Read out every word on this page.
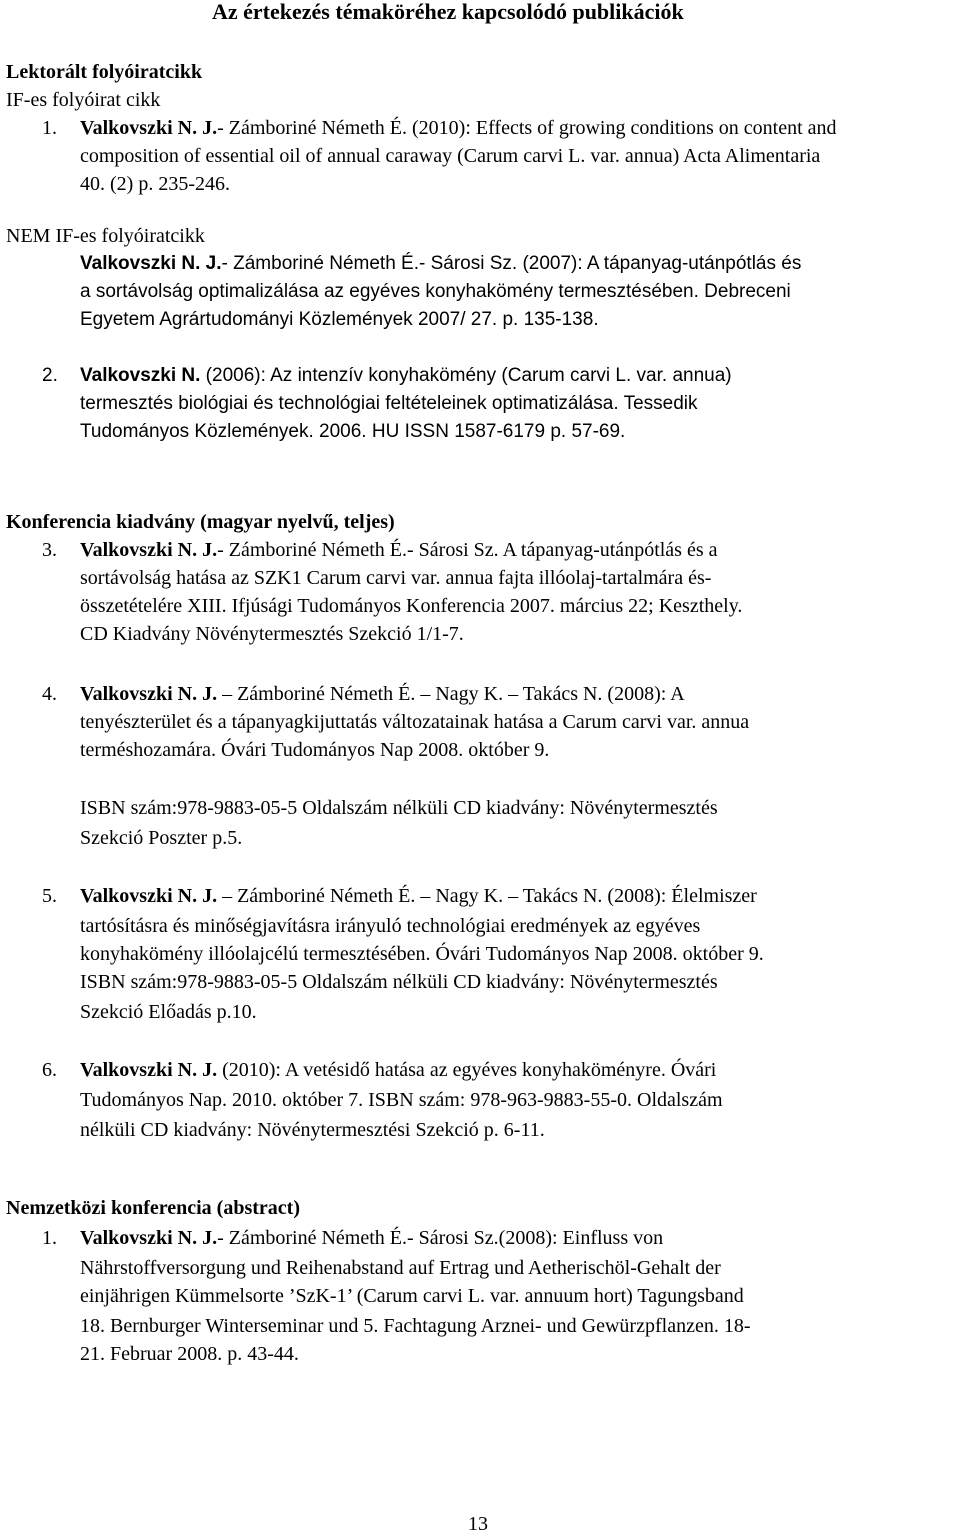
Az értekezés témaköréhez kapcsolódó publikációk
Lektorált folyóiratcikk
IF-es folyóirat cikk
1. Valkovszki N. J.- Zámboriné Németh É. (2010): Effects of growing conditions on content and
composition of essential oil of annual caraway (Carum carvi L. var. annua) Acta Alimentaria
40. (2) p. 235-246.
NEM IF-es folyóiratcikk
Valkovszki N. J.- Zámboriné Németh É.- Sárosi Sz. (2007): A tápanyag-utánpótlás és
a sortávolság optimalizálása az egyéves konyhakömény termesztésében. Debreceni
Egyetem Agrártudományi Közlemények 2007/ 27. p. 135-138.
2. Valkovszki N. (2006): Az intenzív konyhakömény (Carum carvi L. var. annua)
termesztés biológiai és technológiai feltételeinek optimatizálása. Tessedik
Tudományos Közlemények. 2006. HU ISSN 1587-6179 p. 57-69.
Konferencia kiadvány (magyar nyelvű, teljes)
3. Valkovszki N. J.- Zámboriné Németh É.- Sárosi Sz. A tápanyag-utánpótlás és a
sortávolság hatása az SZK1 Carum carvi var. annua fajta illóolaj-tartalmára és-
összetételére XIII. Ifjúsági Tudományos Konferencia 2007. március 22; Keszthely.
CD Kiadvány Növénytermesztés Szekció 1/1-7.
4. Valkovszki N. J. – Zámboriné Németh É. – Nagy K. – Takács N. (2008): A
tenyészterület és a tápanyagkijuttatás változatainak hatása a Carum carvi var. annua
terméshozamára. Óvári Tudományos Nap 2008. október 9.
ISBN szám:978-9883-05-5 Oldalszám nélküli CD kiadvány: Növénytermesztés
Szekció Poszter p.5.
5. Valkovszki N. J. – Zámboriné Németh É. – Nagy K. – Takács N. (2008): Élelmiszer
tartósításra és minőségjavításra irányuló technológiai eredmények az egyéves
konyhakömény illóolajcélú termesztésében. Óvári Tudományos Nap 2008. október 9.
ISBN szám:978-9883-05-5 Oldalszám nélküli CD kiadvány: Növénytermesztés
Szekció Előadás p.10.
6. Valkovszki N. J. (2010): A vetésidő hatása az egyéves konyhakömény​re. Óvári
Tudományos Nap. 2010. október 7. ISBN szám: 978-963-9883-55-0. Oldalszám
nélküli CD kiadvány: Növénytermesztési Szekció p. 6-11.
Nemzetközi konferencia (abstract)
1. Valkovszki N. J.- Zámboriné Németh É.- Sárosi Sz.(2008): Einfluss von
Nährstoffversorgung und Reihenabstand auf Ertrag und Aetherischöl-Gehalt der
einjährigen Kümmelsorte ’SzK-1’ (Carum carvi L. var. annuum hort) Tagungsband
18. Bernburger Winterseminar und 5. Fachtagung Arznei- und Gewürzpflanzen. 18-
21. Februar 2008. p. 43-44.
13
